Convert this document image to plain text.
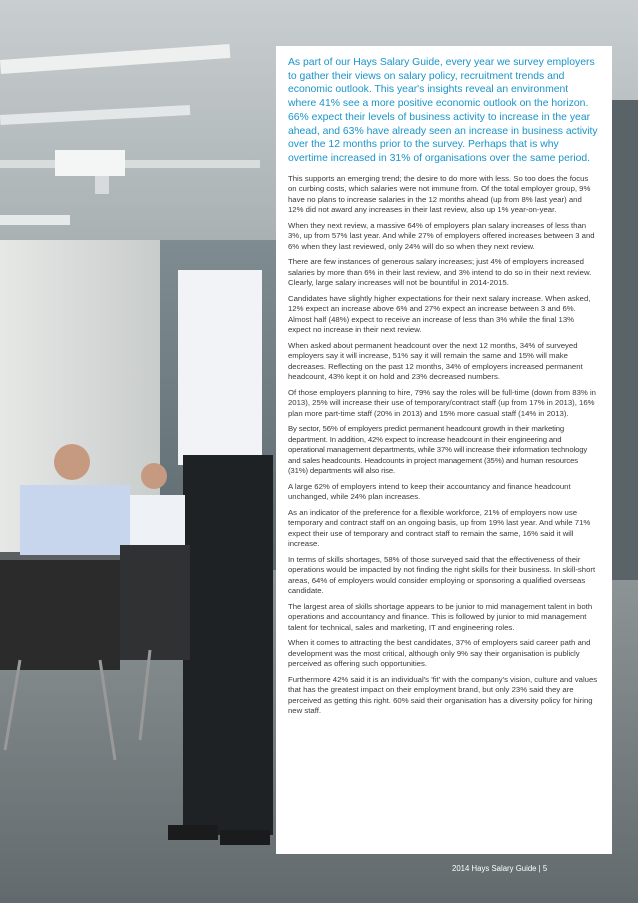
As part of our Hays Salary Guide, every year we survey employers to gather their views on salary policy, recruitment trends and economic outlook. This year's insights reveal an environment where 41% see a more positive economic outlook on the horizon. 66% expect their levels of business activity to increase in the year ahead, and 63% have already seen an increase in business activity over the 12 months prior to the survey. Perhaps that is why overtime increased in 31% of organisations over the same period.

This supports an emerging trend; the desire to do more with less. So too does the focus on curbing costs, which salaries were not immune from. Of the total employer group, 9% have no plans to increase salaries in the 12 months ahead (up from 8% last year) and 12% did not award any increases in their last review, also up 1% year-on-year.

When they next review, a massive 64% of employers plan salary increases of less than 3%, up from 57% last year. And while 27% of employers offered increases between 3 and 6% when they last reviewed, only 24% will do so when they next review.

There are few instances of generous salary increases; just 4% of employers increased salaries by more than 6% in their last review, and 3% intend to do so in their next review. Clearly, large salary increases will not be bountiful in 2014-2015.

Candidates have slightly higher expectations for their next salary increase. When asked, 12% expect an increase above 6% and 27% expect an increase between 3 and 6%. Almost half (48%) expect to receive an increase of less than 3% while the final 13% expect no increase in their next review.

When asked about permanent headcount over the next 12 months, 34% of surveyed employers say it will increase, 51% say it will remain the same and 15% will make decreases. Reflecting on the past 12 months, 34% of employers increased permanent headcount, 43% kept it on hold and 23% decreased numbers.

Of those employers planning to hire, 79% say the roles will be full-time (down from 83% in 2013), 25% will increase their use of temporary/contract staff (up from 17% in 2013), 16% plan more part-time staff (20% in 2013) and 15% more casual staff (14% in 2013).

By sector, 56% of employers predict permanent headcount growth in their marketing department. In addition, 42% expect to increase headcount in their engineering and operational management departments, while 37% will increase their information technology and sales headcounts. Headcounts in project management (35%) and human resources (31%) departments will also rise.

A large 62% of employers intend to keep their accountancy and finance headcount unchanged, while 24% plan increases.

As an indicator of the preference for a flexible workforce, 21% of employers now use temporary and contract staff on an ongoing basis, up from 19% last year. And while 71% expect their use of temporary and contract staff to remain the same, 16% said it will increase.

In terms of skills shortages, 58% of those surveyed said that the effectiveness of their operations would be impacted by not finding the right skills for their business. In skill-short areas, 64% of employers would consider employing or sponsoring a qualified overseas candidate.

The largest area of skills shortage appears to be junior to mid management talent in both operations and accountancy and finance. This is followed by junior to mid management talent for technical, sales and marketing, IT and engineering roles.

When it comes to attracting the best candidates, 37% of employers said career path and development was the most critical, although only 9% say their organisation is publicly perceived as offering such opportunities.

Furthermore 42% said it is an individual's 'fit' with the company's vision, culture and values that has the greatest impact on their employment brand, but only 23% said they are perceived as getting this right. 60% said their organisation has a diversity policy for hiring new staff.

2014 Hays Salary Guide | 5
